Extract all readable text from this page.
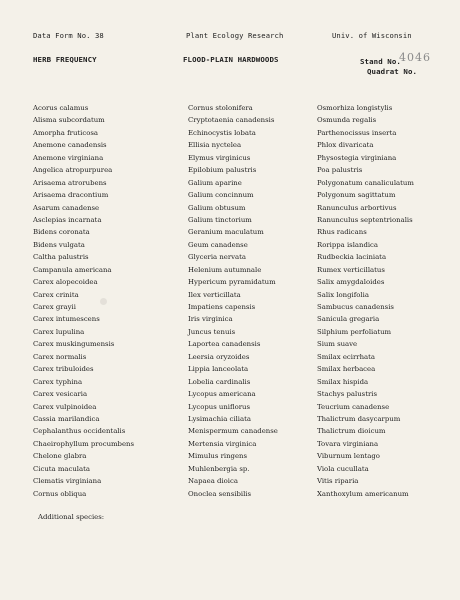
Data Form No. 38	Plant Ecology Research	Univ. of Wisconsin
HERB FREQUENCY	FLOOD-PLAIN HARDWOODS	Stand No.
4046
Quadrat No.
Acorus calamus
Alisma subcordatum
Amorpha fruticosa
Anemone canadensis
Anemone virginiana
Angelica atropurpurea
Arisaema atrorubens
Arisaema dracontium
Asarum canadense
Asclepias incarnata
Bidens coronata
Bidens vulgata
Caltha palustris
Campanula americana
Carex alopecoidea
Carex crinita
Carex grayii
Carex intumescens
Carex lupulina
Carex muskingumensis
Carex normalis
Carex tribuloides
Carex typhina
Carex vesicaria
Carex vulpinoidea
Cassia marilandica
Cephalanthus occidentalis
Chaeirophyllum procumbens
Chelone glabra
Cicuta maculata
Clematis virginiana
Cornus obliqua
Cornus stolonifera
Cryptotaenia canadensis
Echinocystis lobata
Ellisia nyctelea
Elymus virginicus
Epilobium palustris
Galium aparine
Galium concinnum
Galium obtusum
Galium tinctorium
Geranium maculatum
Geum canadense
Glyceria nervata
Helenium autumnale
Hypericum pyramidatum
Ilex verticillata
Impatiens capensis
Iris virginica
Juncus tenuis
Laportea canadensis
Leersia oryzoides
Lippia lanceolata
Lobelia cardinalis
Lycopus americana
Lycopus uniflorus
Lysimachia ciliata
Menispermum canadense
Mertensia virginica
Mimulus ringens
Muhlenbergia sp.
Napaea dioica
Onoclea sensibilis
Osmorhiza longistylis
Osmunda regalis
Parthenocissus inserta
Phlox divaricata
Physostegia virginiana
Poa palustris
Polygonatum canaliculatum
Polygonum sagittatum
Ranunculus arbortivus
Ranunculus septentrionalis
Rhus radicans
Rorippa islandica
Rudbeckia laciniata
Rumex verticillatus
Salix amygdaloides
Salix longifolia
Sambucus canadensis
Sanicula gregaria
Silphium perfoliatum
Sium suave
Smilax ecirrhata
Smilax herbacea
Smilax hispida
Stachys palustris
Teucrium canadense
Thalictrum dasycarpum
Thalictrum dioicum
Tovara virginiana
Viburnum lentago
Viola cucullata
Vitis riparia
Xanthoxylum americanum
Additional species:
